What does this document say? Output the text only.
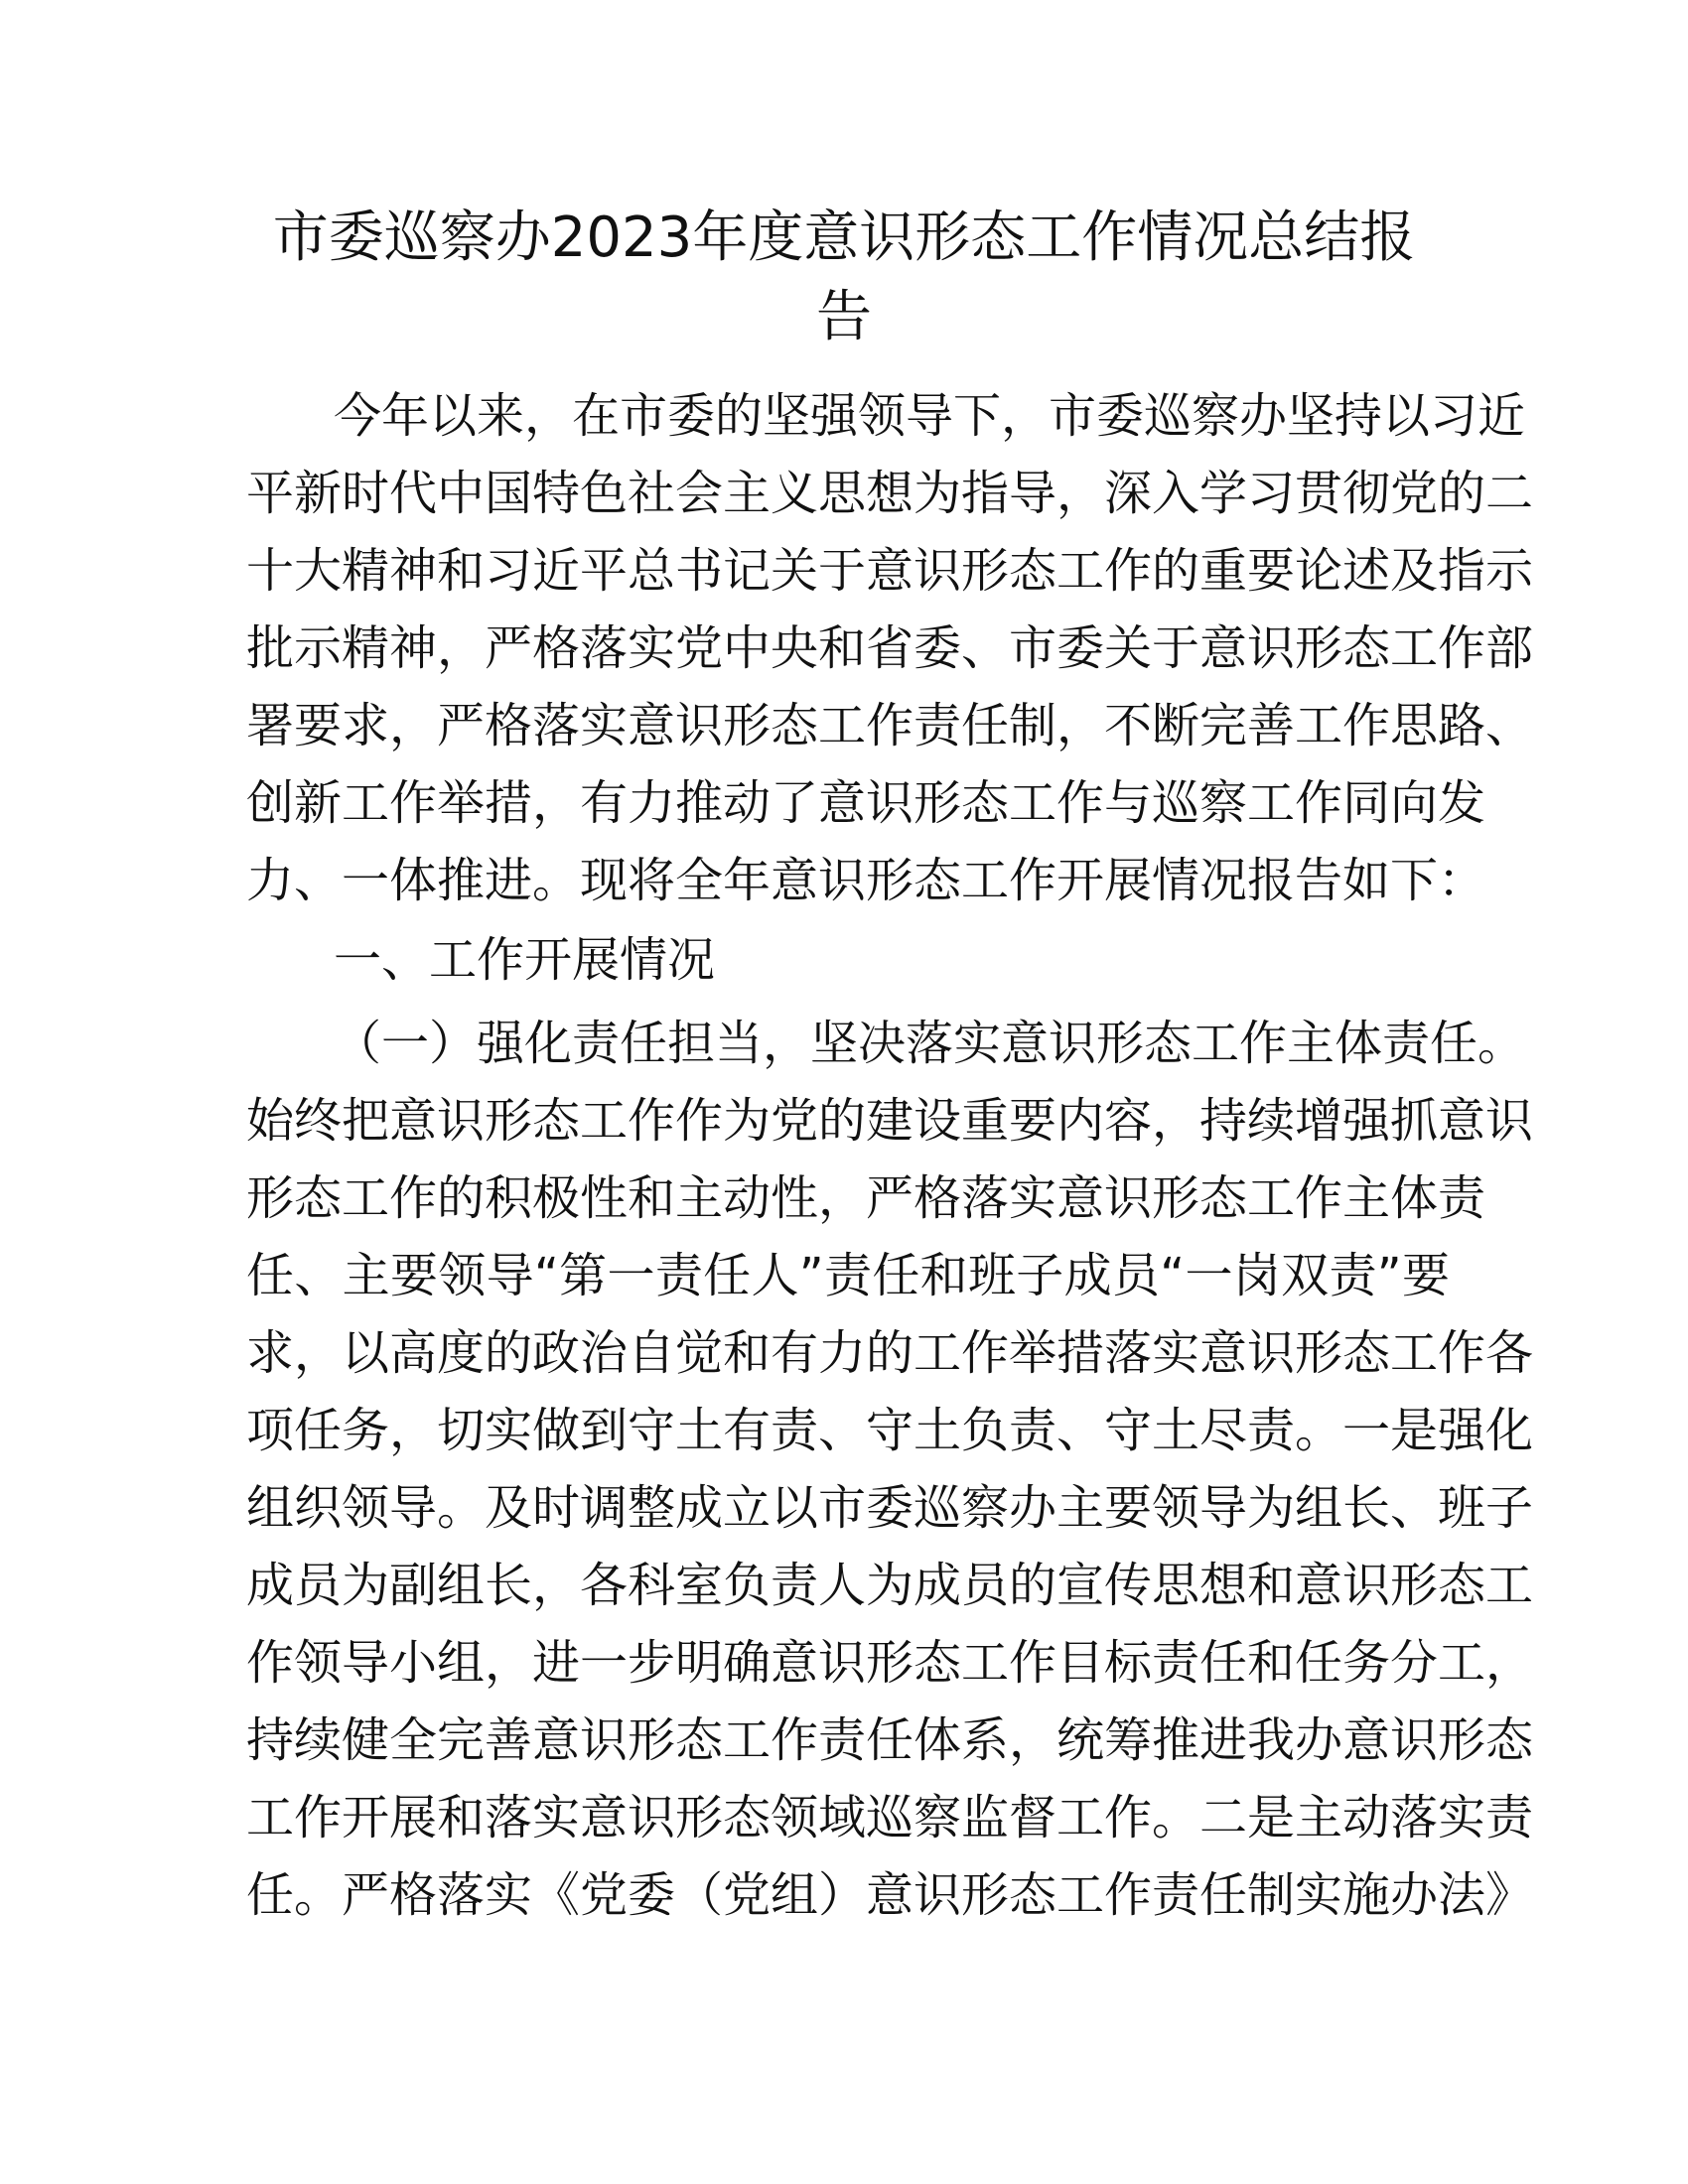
市委巡察办2023年度意识形态工作情况总结报
告
今年以来，在市委的坚强领导下，市委巡察办坚持以习近
平新时代中国特色社会主义思想为指导，深入学习贯彻党的二
十大精神和习近平总书记关于意识形态工作的重要论述及指示
批示精神，严格落实党中央和省委、市委关于意识形态工作部
署要求，严格落实意识形态工作责任制，不断完善工作思路、
创新工作举措，有力推动了意识形态工作与巡察工作同向发
力、一体推进。现将全年意识形态工作开展情况报告如下：
一、工作开展情况
（一）强化责任担当，坚决落实意识形态工作主体责任。
始终把意识形态工作作为党的建设重要内容，持续增强抓意识
形态工作的积极性和主动性，严格落实意识形态工作主体责
任、主要领导“第一责任人”责任和班子成员“一岗双责”要
求，以高度的政治自觉和有力的工作举措落实意识形态工作各
项任务，切实做到守土有责、守土负责、守土尽责。一是强化
组织领导。及时调整成立以市委巡察办主要领导为组长、班子
成员为副组长，各科室负责人为成员的宣传思想和意识形态工
作领导小组，进一步明确意识形态工作目标责任和任务分工，
持续健全完善意识形态工作责任体系，统筹推进我办意识形态
工作开展和落实意识形态领域巡察监督工作。二是主动落实责
任。严格落实《党委（党组）意识形态工作责任制实施办法》
